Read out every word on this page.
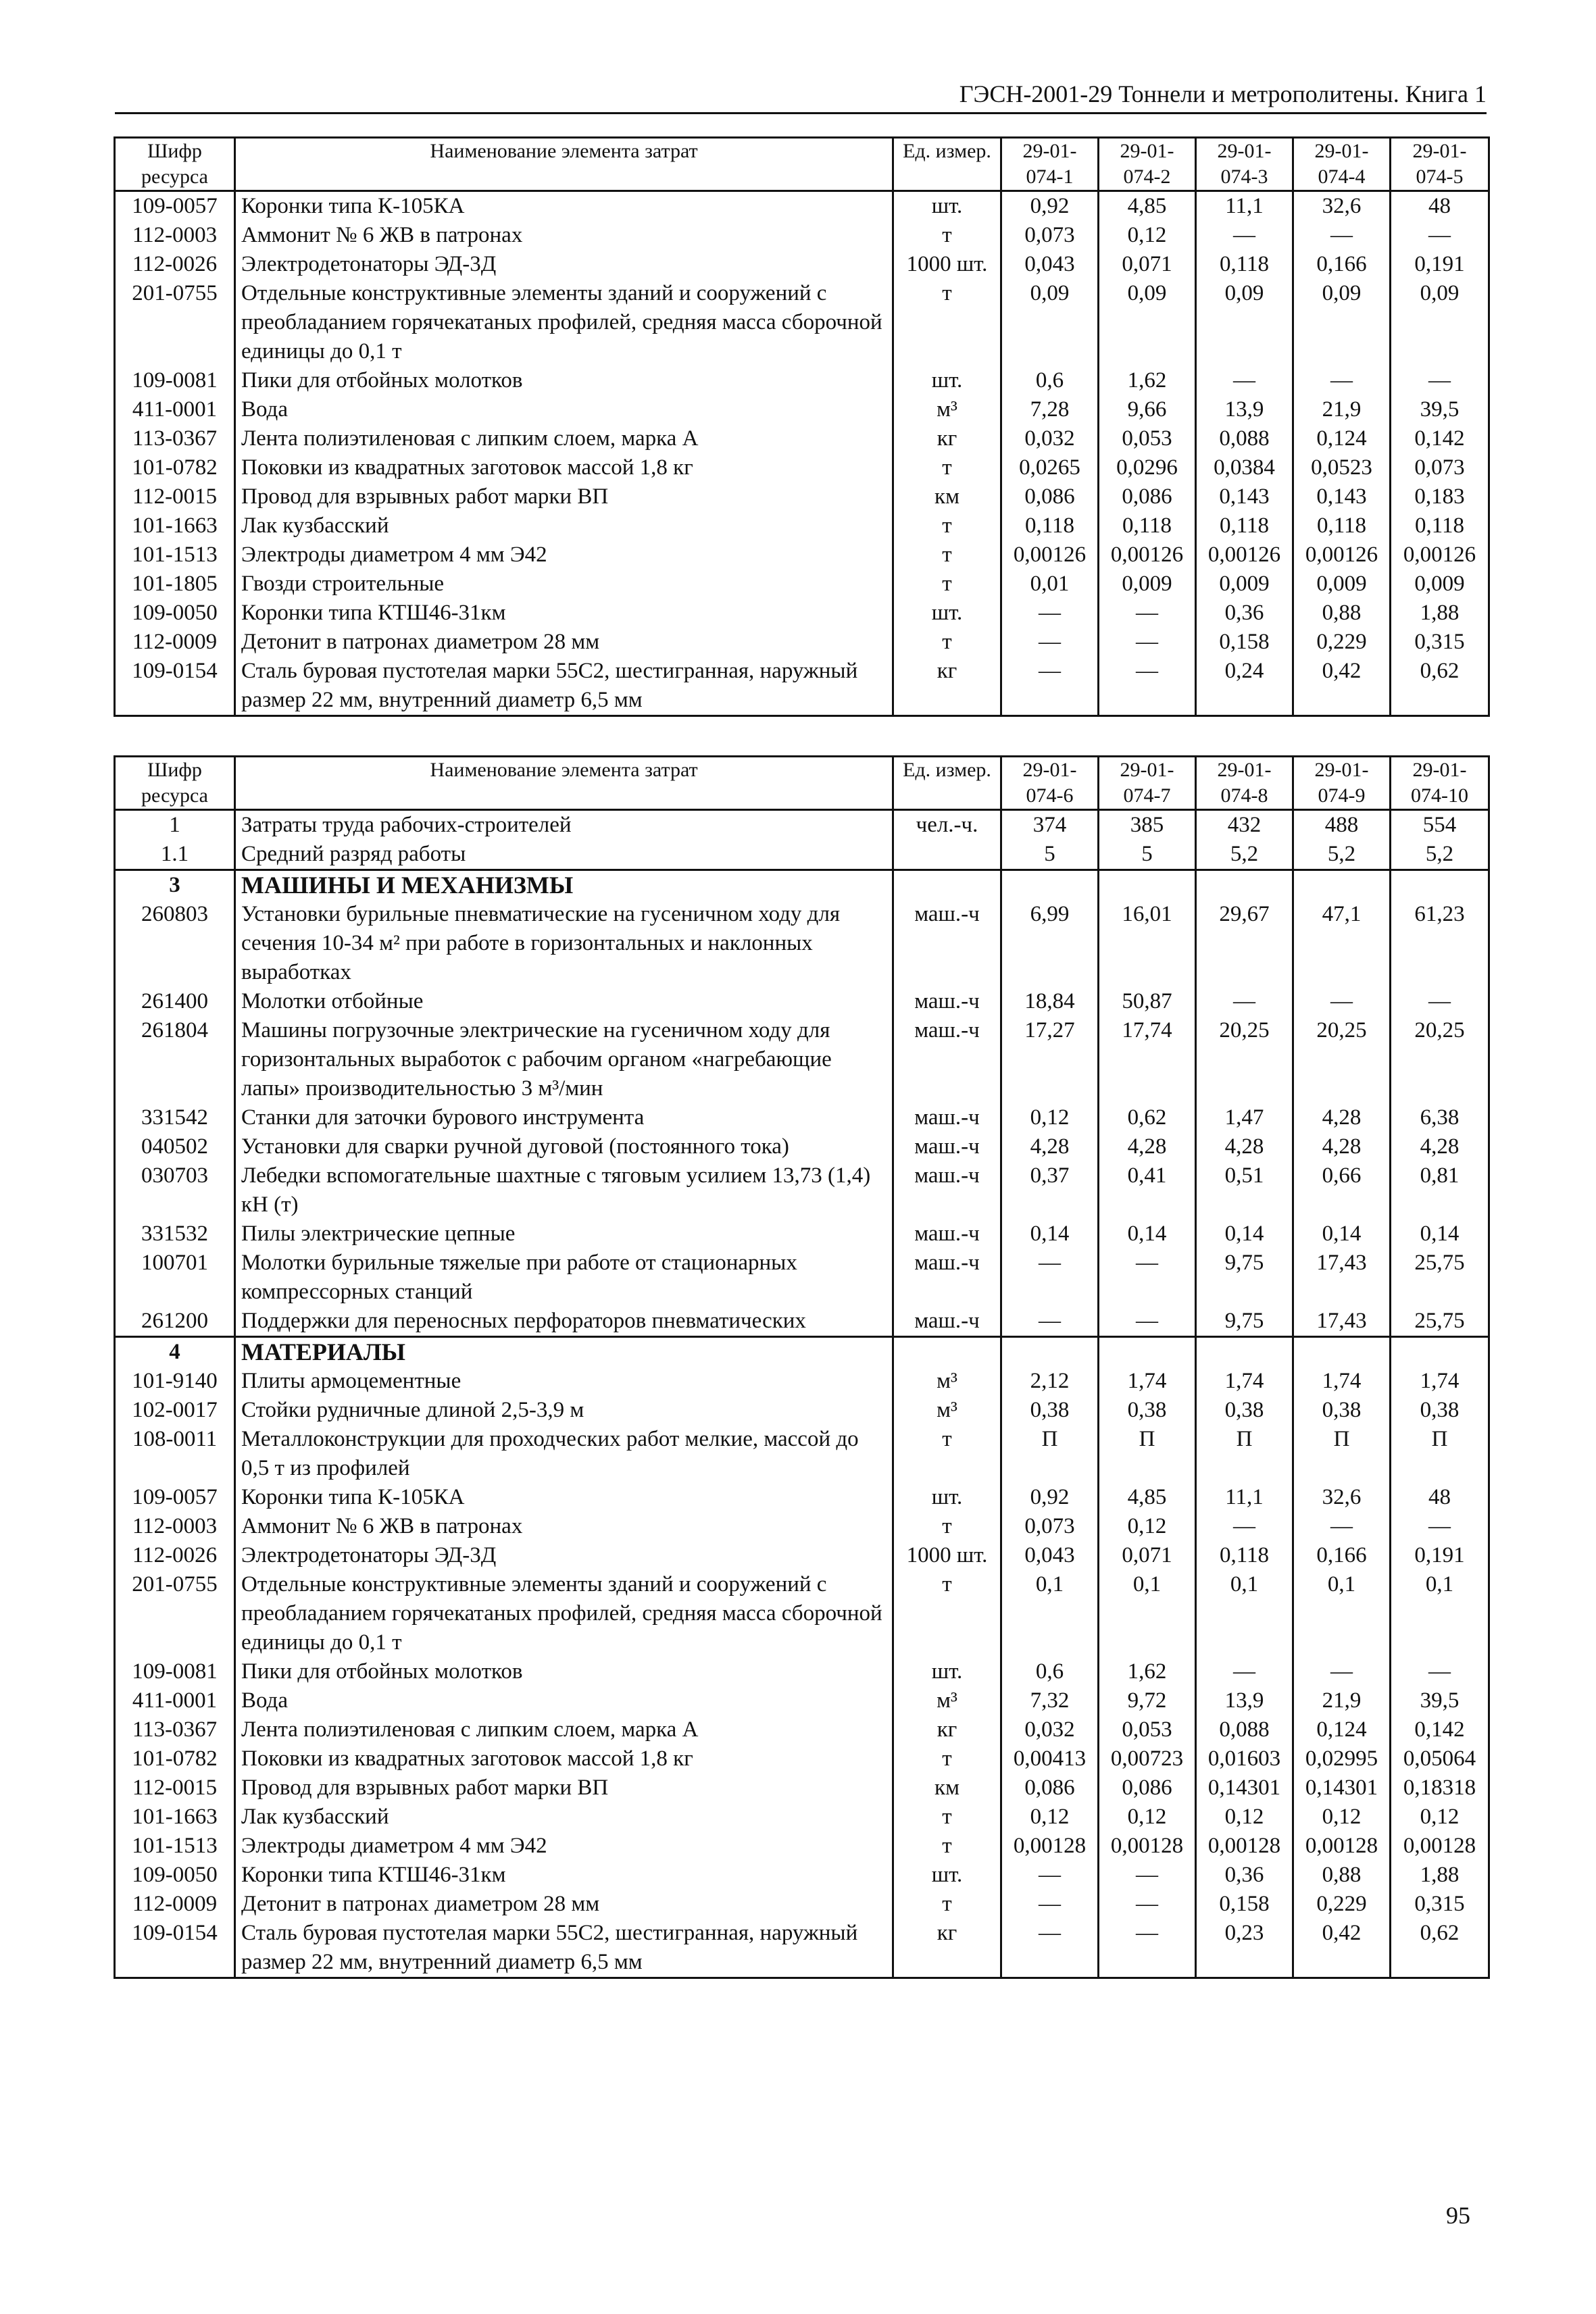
ГЭСН-2001-29 Тоннели и метрополитены. Книга 1
Шифр ресурса	Наименование элемента затрат	Ед. измер.	29-01-074-1	29-01-074-2	29-01-074-3	29-01-074-4	29-01-074-5
109-0057	Коронки типа К-105КА	шт.	0,92	4,85	11,1	32,6	48
112-0003	Аммонит № 6 ЖВ в патронах	т	0,073	0,12	—	—	—
112-0026	Электродетонаторы ЭД-3Д	1000 шт.	0,043	0,071	0,118	0,166	0,191
201-0755	Отдельные конструктивные элементы зданий и сооружений с преобладанием горячекатаных профилей, средняя масса сборочной единицы до 0,1 т	т	0,09	0,09	0,09	0,09	0,09
109-0081	Пики для отбойных молотков	шт.	0,6	1,62	—	—	—
411-0001	Вода	м³	7,28	9,66	13,9	21,9	39,5
113-0367	Лента полиэтиленовая с липким слоем, марка А	кг	0,032	0,053	0,088	0,124	0,142
101-0782	Поковки из квадратных заготовок массой 1,8 кг	т	0,0265	0,0296	0,0384	0,0523	0,073
112-0015	Провод для взрывных работ марки ВП	км	0,086	0,086	0,143	0,143	0,183
101-1663	Лак кузбасский	т	0,118	0,118	0,118	0,118	0,118
101-1513	Электроды диаметром 4 мм Э42	т	0,00126	0,00126	0,00126	0,00126	0,00126
101-1805	Гвозди строительные	т	0,01	0,009	0,009	0,009	0,009
109-0050	Коронки типа КТШ46-31км	шт.	—	—	0,36	0,88	1,88
112-0009	Детонит в патронах диаметром 28 мм	т	—	—	0,158	0,229	0,315
109-0154	Сталь буровая пустотелая марки 55С2, шестигранная, наружный размер 22 мм, внутренний диаметр 6,5 мм	кг	—	—	0,24	0,42	0,62
Шифр ресурса	Наименование элемента затрат	Ед. измер.	29-01-074-6	29-01-074-7	29-01-074-8	29-01-074-9	29-01-074-10
1	Затраты труда рабочих-строителей	чел.-ч.	374	385	432	488	554
1.1	Средний разряд работы		5	5	5,2	5,2	5,2
3	МАШИНЫ И МЕХАНИЗМЫ						
260803	Установки бурильные пневматические на гусеничном ходу для сечения 10-34 м² при работе в горизонтальных и наклонных выработках	маш.-ч	6,99	16,01	29,67	47,1	61,23
261400	Молотки отбойные	маш.-ч	18,84	50,87	—	—	—
261804	Машины погрузочные электрические на гусеничном ходу для горизонтальных выработок с рабочим органом «нагребающие лапы» производительностью 3 м³/мин	маш.-ч	17,27	17,74	20,25	20,25	20,25
331542	Станки для заточки бурового инструмента	маш.-ч	0,12	0,62	1,47	4,28	6,38
040502	Установки для сварки ручной дуговой (постоянного тока)	маш.-ч	4,28	4,28	4,28	4,28	4,28
030703	Лебедки вспомогательные шахтные с тяговым усилием 13,73 (1,4) кН (т)	маш.-ч	0,37	0,41	0,51	0,66	0,81
331532	Пилы электрические цепные	маш.-ч	0,14	0,14	0,14	0,14	0,14
100701	Молотки бурильные тяжелые при работе от стационарных компрессорных станций	маш.-ч	—	—	9,75	17,43	25,75
261200	Поддержки для переносных перфораторов пневматических	маш.-ч	—	—	9,75	17,43	25,75
4	МАТЕРИАЛЫ						
101-9140	Плиты армоцементные	м³	2,12	1,74	1,74	1,74	1,74
102-0017	Стойки рудничные длиной 2,5-3,9 м	м³	0,38	0,38	0,38	0,38	0,38
108-0011	Металлоконструкции для проходческих работ мелкие, массой до 0,5 т из профилей	т	П	П	П	П	П
109-0057	Коронки типа К-105КА	шт.	0,92	4,85	11,1	32,6	48
112-0003	Аммонит № 6 ЖВ в патронах	т	0,073	0,12	—	—	—
112-0026	Электродетонаторы ЭД-3Д	1000 шт.	0,043	0,071	0,118	0,166	0,191
201-0755	Отдельные конструктивные элементы зданий и сооружений с преобладанием горячекатаных профилей, средняя масса сборочной единицы до 0,1 т	т	0,1	0,1	0,1	0,1	0,1
109-0081	Пики для отбойных молотков	шт.	0,6	1,62	—	—	—
411-0001	Вода	м³	7,32	9,72	13,9	21,9	39,5
113-0367	Лента полиэтиленовая с липким слоем, марка А	кг	0,032	0,053	0,088	0,124	0,142
101-0782	Поковки из квадратных заготовок массой 1,8 кг	т	0,00413	0,00723	0,01603	0,02995	0,05064
112-0015	Провод для взрывных работ марки ВП	км	0,086	0,086	0,14301	0,14301	0,18318
101-1663	Лак кузбасский	т	0,12	0,12	0,12	0,12	0,12
101-1513	Электроды диаметром 4 мм Э42	т	0,00128	0,00128	0,00128	0,00128	0,00128
109-0050	Коронки типа КТШ46-31км	шт.	—	—	0,36	0,88	1,88
112-0009	Детонит в патронах диаметром 28 мм	т	—	—	0,158	0,229	0,315
109-0154	Сталь буровая пустотелая марки 55С2, шестигранная, наружный размер 22 мм, внутренний диаметр 6,5 мм	кг	—	—	0,23	0,42	0,62
95
